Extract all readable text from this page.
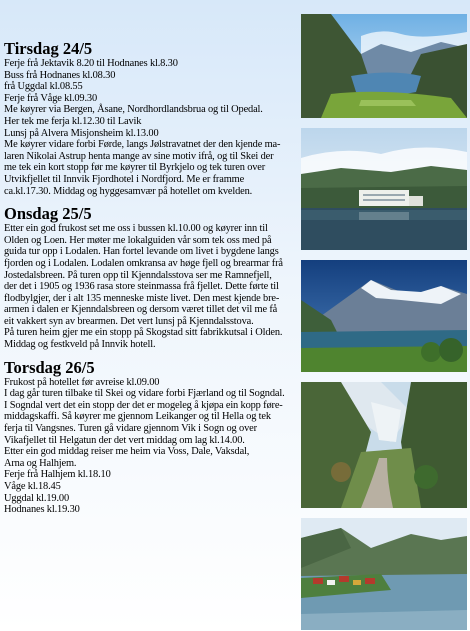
Tirsdag 24/5
Ferje frå Jektavik 8.20 til Hodnanes kl.8.30
Buss frå Hodnanes kl.08.30
frå Uggdal kl.08.55
Ferje frå Våge kl.09.30
Me køyrer via Bergen, Åsane, Nordhordlandsbrua og til Opedal.
Her tek me ferja kl.12.30 til Lavik
Lunsj på Alvera Misjonsheim kl.13.00
Me køyrer vidare forbi Førde, langs Jølstravatnet der den kjende ma-
laren Nikolai Astrup henta mange av sine motiv ifrå, og til Skei der
me tek ein kort stopp før me køyrer til Byrkjelo og tek turen over
Utvikfjellet til Innvik Fjordhotel i Nordfjord. Me er framme
ca.kl.17.30. Middag og hyggesamvær på hotellet om kvelden.
Onsdag 25/5
Etter ein god frukost set me oss i bussen kl.10.00 og køyrer inn til
Olden og Loen. Her møter me lokalguiden vår som tek oss med på
guida tur opp i Lodalen. Han fortel levande om livet i bygdene langs
fjorden og i Lodalen. Lodalen omkransa av høge fjell og brearmar frå
Jostedalsbreen. På turen opp til Kjenndalsstova ser me Ramnefjell,
der det i 1905 og 1936 rasa store steinmassa frå fjellet. Dette førte til
flodbylgjer, der i alt 135 menneske miste livet. Den mest kjende bre-
armen i dalen er Kjenndalsbreen og dersom været tillet det vil me få
eit vakkert syn av brearmen. Det vert lunsj på Kjenndalsstova.
På turen heim gjer me ein stopp på Skogstad sitt fabrikkutsal i Olden.
Middag og festkveld på Innvik hotell.
Torsdag 26/5
Frukost på hotellet før avreise kl.09.00
I dag går turen tilbake til Skei og vidare forbi Fjærland og til Sogndal.
I Sogndal vert det ein stopp der det er mogeleg å kjøpa ein kopp føre-
middagskaffi. Så køyrer me gjennom Leikanger og til Hella og tek
ferja til Vangsnes. Turen gå vidare gjennom Vik i Sogn og over
Vikafjellet til Helgatun der det vert middag om lag kl.14.00.
Etter ein god middag reiser me heim via Voss, Dale, Vaksdal,
Arna og Halhjem.
Ferje frå Halhjem kl.18.10
Våge kl.18.45
Uggdal kl.19.00
Hodnanes kl.19.30
